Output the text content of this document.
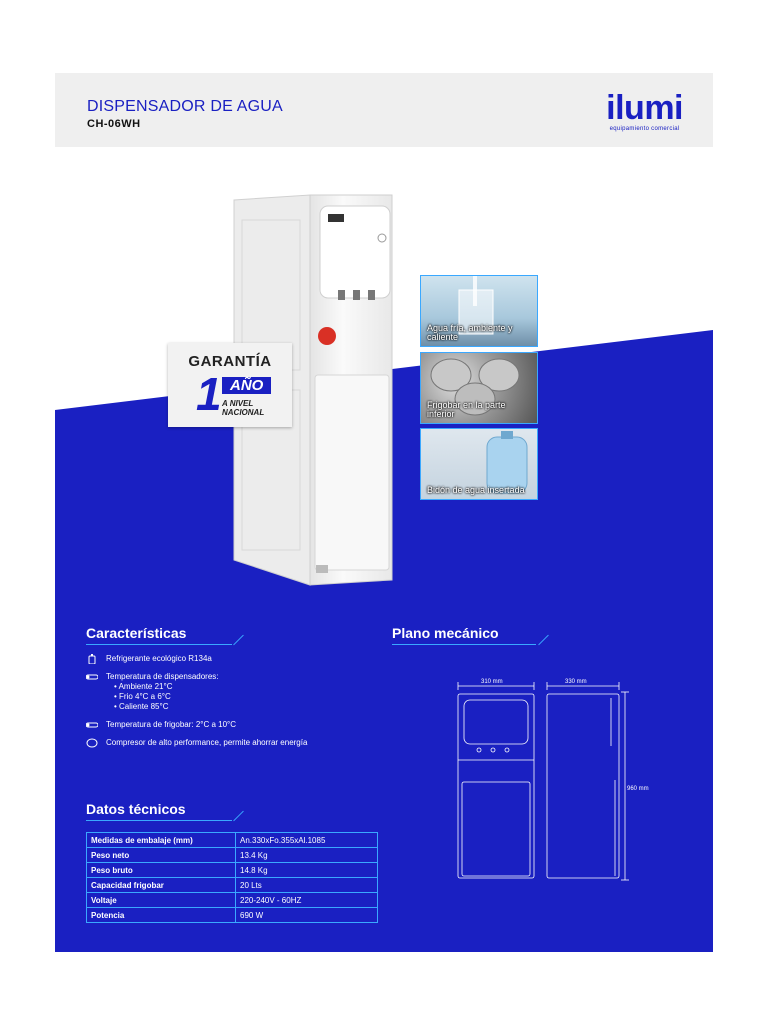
DISPENSADOR DE AGUA
CH-06WH	ilumi
equipamiento comercial
GARANTÍA
1 AÑO
A NIVEL
NACIONAL
Agua fría, ambiente y caliente
Frigobar en la parte inferior
Bidón de agua insertada
Características	Plano mecánico
Refrigerante ecológico R134a
Temperatura de dispensadores:
• Ambiente 21°C
• Frio 4°C a 6°C
• Caliente 85°C
Temperatura de frigobar: 2°C a 10°C
Compresor de alto performance, permite ahorrar energía
Datos técnicos
Medidas de embalaje (mm)	An.330xFo.355xAl.1085
Peso neto	13.4 Kg
Peso bruto	14.8 Kg
Capacidad frigobar	20 Lts
Voltaje	220-240V - 60HZ
Potencia	690 W
310 mm	330 mm
960 mm
